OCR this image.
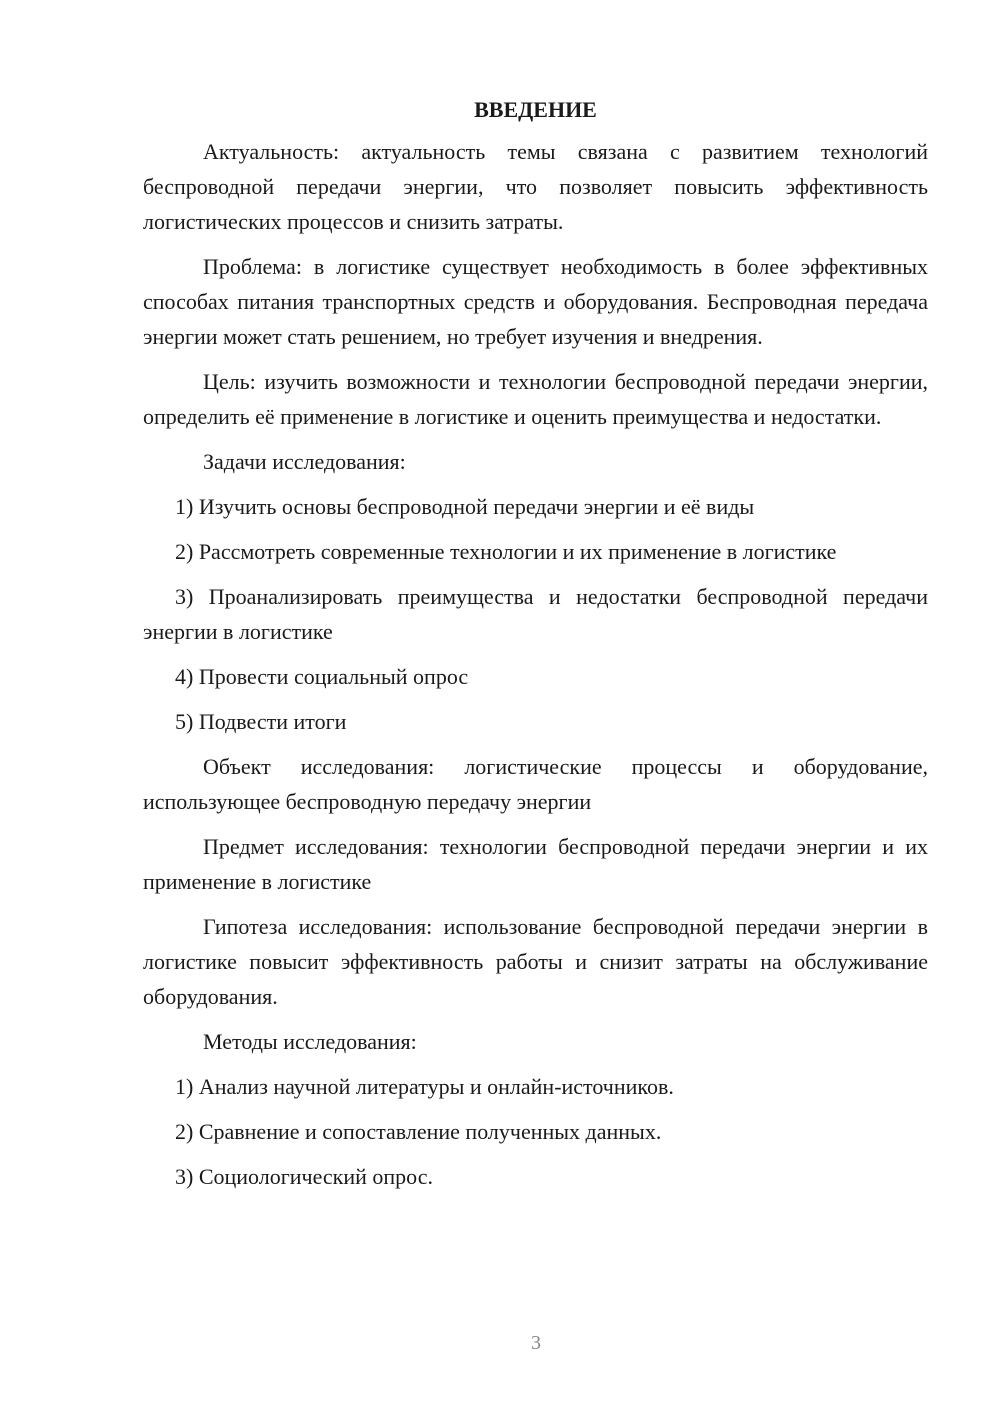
ВВЕДЕНИЕ

Актуальность: актуальность темы связана с развитием технологий беспроводной передачи энергии, что позволяет повысить эффективность логистических процессов и снизить затраты.

Проблема: в логистике существует необходимость в более эффективных способах питания транспортных средств и оборудования. Беспроводная передача энергии может стать решением, но требует изучения и внедрения.

Цель: изучить возможности и технологии беспроводной передачи энергии, определить её применение в логистике и оценить преимущества и недостатки.

Задачи исследования:

1) Изучить основы беспроводной передачи энергии и её виды

2) Рассмотреть современные технологии и их применение в логистике

3) Проанализировать преимущества и недостатки беспроводной передачи энергии в логистике

4) Провести социальный опрос

5) Подвести итоги

Объект исследования: логистические процессы и оборудование, использующее беспроводную передачу энергии

Предмет исследования: технологии беспроводной передачи энергии и их применение в логистике

Гипотеза исследования: использование беспроводной передачи энергии в логистике повысит эффективность работы и снизит затраты на обслуживание оборудования.

Методы исследования:

1) Анализ научной литературы и онлайн-источников.

2) Сравнение и сопоставление полученных данных.

3) Социологический опрос.

3
